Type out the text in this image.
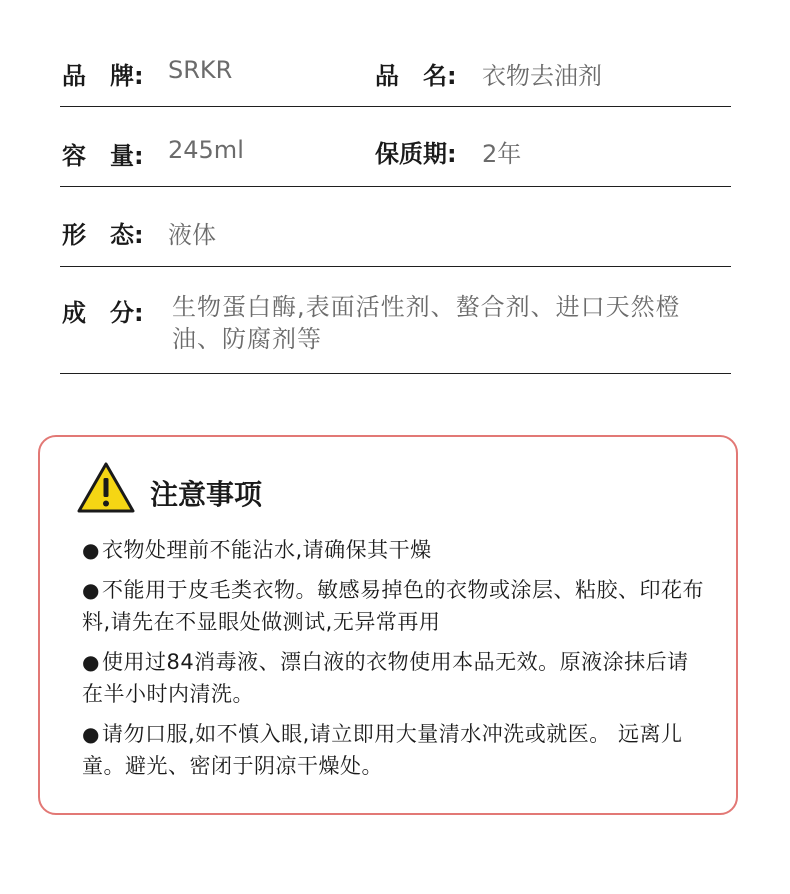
品　牌: SRKR	品　名: 衣物去油剂
容　量: 245ml	保质期: 2年
形　态: 液体
成　分: 生物蛋白酶,表面活性剂、螯合剂、进口天然橙油、防腐剂等
注意事项
●衣物处理前不能沾水,请确保其干燥
●不能用于皮毛类衣物。敏感易掉色的衣物或涂层、粘胶、印花布料,请先在不显眼处做测试,无异常再用
●使用过84消毒液、漂白液的衣物使用本品无效。原液涂抹后请在半小时内清洗。
●请勿口服,如不慎入眼,请立即用大量清水冲洗或就医。 远离儿童。避光、密闭于阴凉干燥处。
